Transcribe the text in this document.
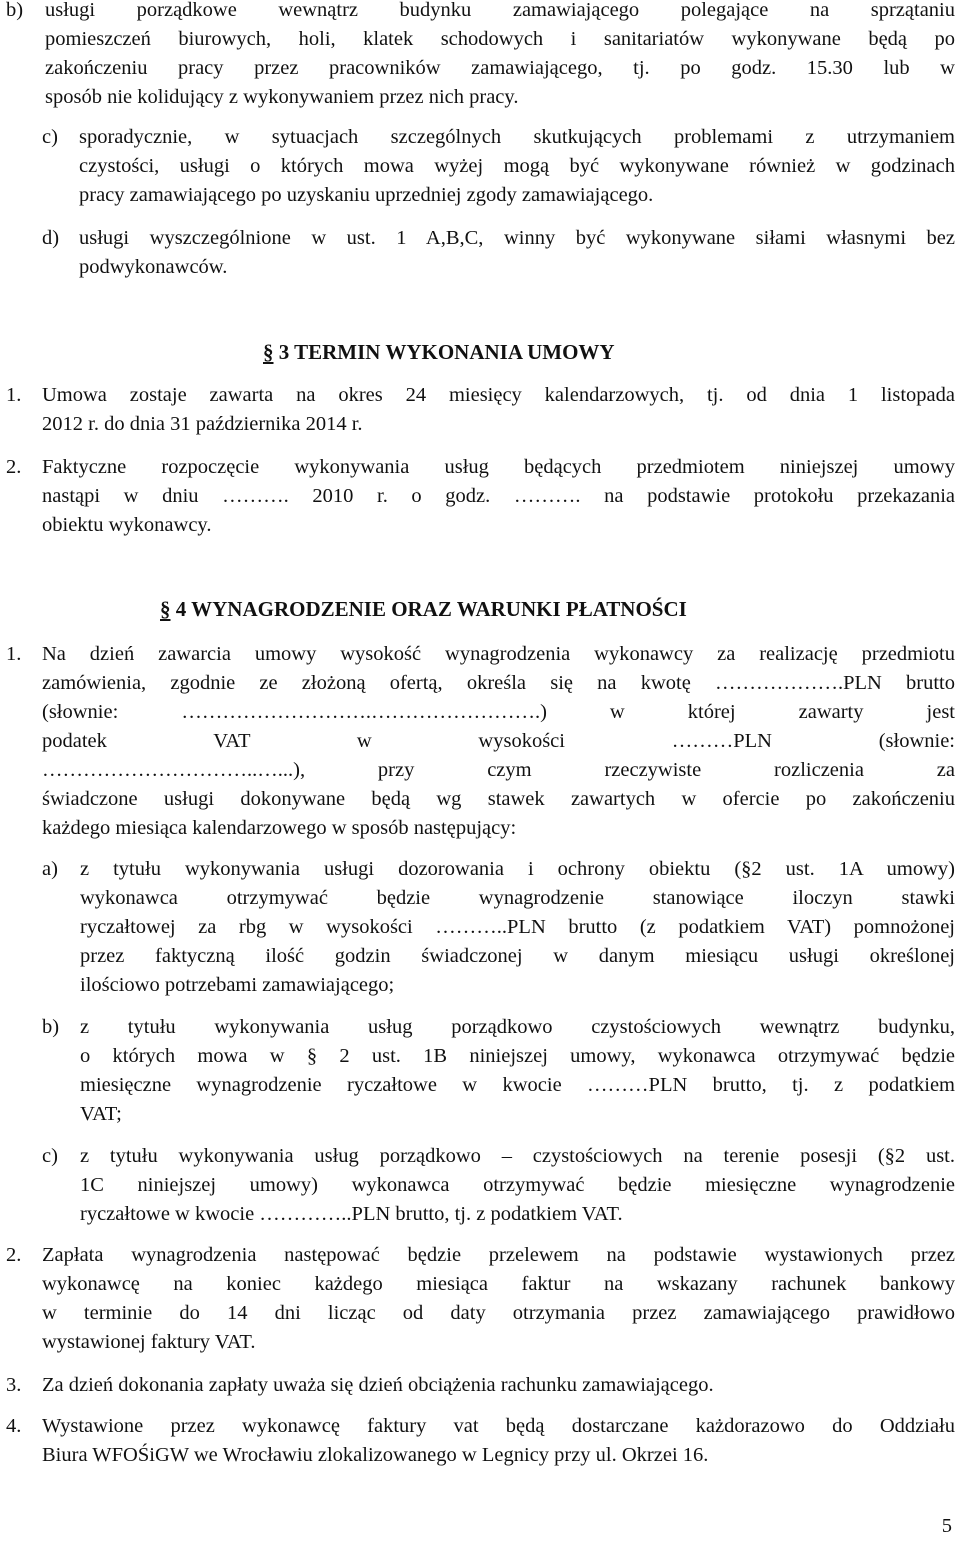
b) usługi porządkowe wewnątrz budynku zamawiającego polegające na sprzątaniu
pomieszczeń biurowych, holi, klatek schodowych i sanitariatów wykonywane będą po
zakończeniu pracy przez pracowników zamawiającego, tj. po godz. 15.30 lub w
sposób nie kolidujący z wykonywaniem przez nich pracy.
c) sporadycznie, w sytuacjach szczególnych skutkujących problemami z utrzymaniem
czystości, usługi o których mowa wyżej mogą być wykonywane również w godzinach
pracy zamawiającego po uzyskaniu uprzedniej zgody zamawiającego.
d) usługi wyszczególnione w ust. 1 A,B,C, winny być wykonywane siłami własnymi bez
podwykonawców.
§ 3 TERMIN WYKONANIA UMOWY
1. Umowa zostaje zawarta na okres 24 miesięcy kalendarzowych, tj. od dnia 1 listopada
2012 r. do dnia 31 października 2014 r.
2. Faktyczne rozpoczęcie wykonywania usług będących przedmiotem niniejszej umowy
nastąpi w dniu ………. 2010 r. o godz. ………. na podstawie protokołu przekazania
obiektu wykonawcy.
§ 4 WYNAGRODZENIE ORAZ WARUNKI PŁATNOŚCI
1. Na dzień zawarcia umowy wysokość wynagrodzenia wykonawcy za realizację przedmiotu
zamówienia, zgodnie ze złożoną ofertą, określa się na kwotę ……………….PLN brutto
(słownie: ……………………….…………………….) w której zawarty jest
podatek VAT w wysokości ………PLN (słownie:
…………………………..…...), przy czym rzeczywiste rozliczenia za
świadczone usługi dokonywane będą wg stawek zawartych w ofercie po zakończeniu
każdego miesiąca kalendarzowego w sposób następujący:
a) z tytułu wykonywania usługi dozorowania i ochrony obiektu (§2 ust. 1A umowy)
wykonawca otrzymywać będzie wynagrodzenie stanowiące iloczyn stawki
ryczałtowej za rbg w wysokości ………..PLN brutto (z podatkiem VAT) pomnożonej
przez faktyczną ilość godzin świadczonej w danym miesiącu usługi określonej
ilościowo potrzebami zamawiającego;
b) z tytułu wykonywania usług porządkowo czystościowych wewnątrz budynku,
o których mowa w § 2 ust. 1B niniejszej umowy, wykonawca otrzymywać będzie
miesięczne wynagrodzenie ryczałtowe w kwocie ………PLN brutto, tj. z podatkiem
VAT;
c) z tytułu wykonywania usług porządkowo – czystościowych na terenie posesji (§2 ust.
1C niniejszej umowy) wykonawca otrzymywać będzie miesięczne wynagrodzenie
ryczałtowe w kwocie …………..PLN brutto, tj. z podatkiem VAT.
2. Zapłata wynagrodzenia następować będzie przelewem na podstawie wystawionych przez
wykonawcę na koniec każdego miesiąca faktur na wskazany rachunek bankowy
w terminie do 14 dni licząc od daty otrzymania przez zamawiającego prawidłowo
wystawionej faktury VAT.
3. Za dzień dokonania zapłaty uważa się dzień obciążenia rachunku zamawiającego.
4. Wystawione przez wykonawcę faktury vat będą dostarczane każdorazowo do Oddziału
Biura WFOŚiGW we Wrocławiu zlokalizowanego w Legnicy przy ul. Okrzei 16.
5
